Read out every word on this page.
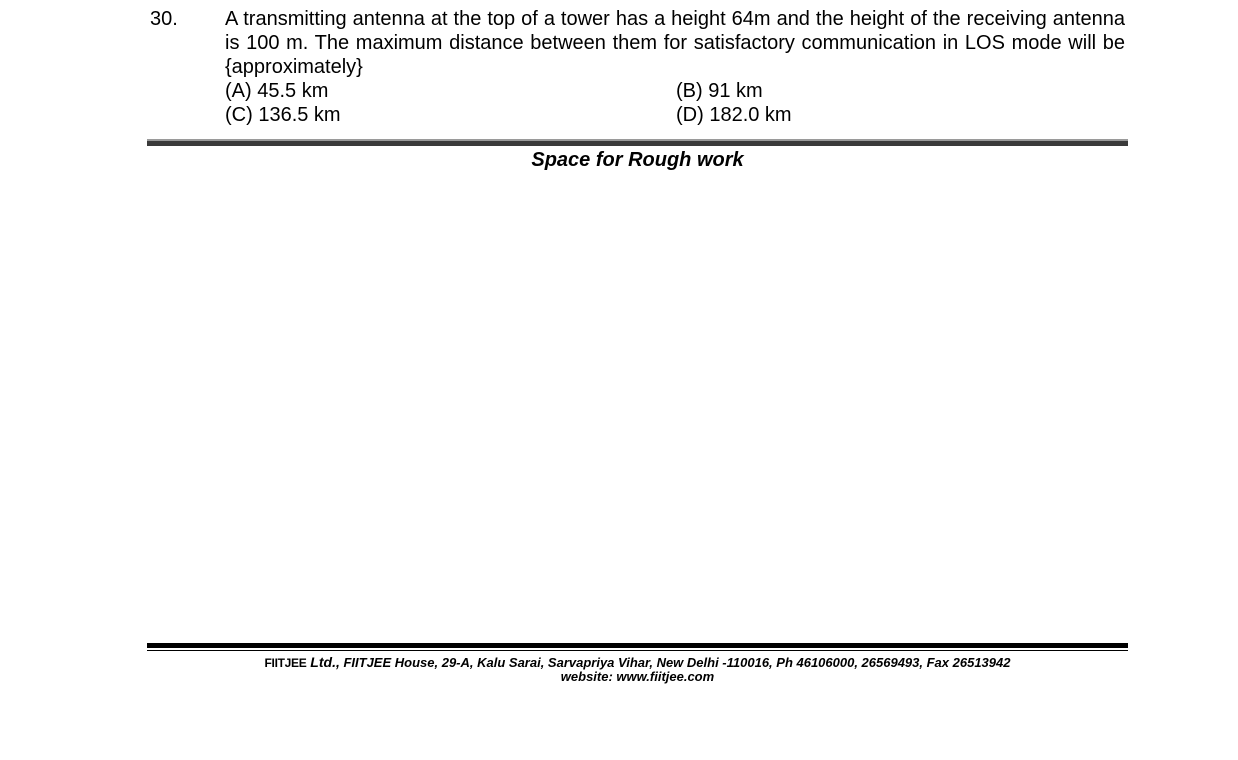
30. A transmitting antenna at the top of a tower has a height 64m and the height of the receiving antenna is 100 m. The maximum distance between them for satisfactory communication in LOS mode will be {approximately}

(A) 45.5 km	(B) 91 km
(C) 136.5 km	(D) 182.0 km
Space for Rough work
FIITJEE Ltd., FIITJEE House, 29-A, Kalu Sarai, Sarvapriya Vihar, New Delhi -110016, Ph 46106000, 26569493, Fax 26513942
website: www.fiitjee.com
